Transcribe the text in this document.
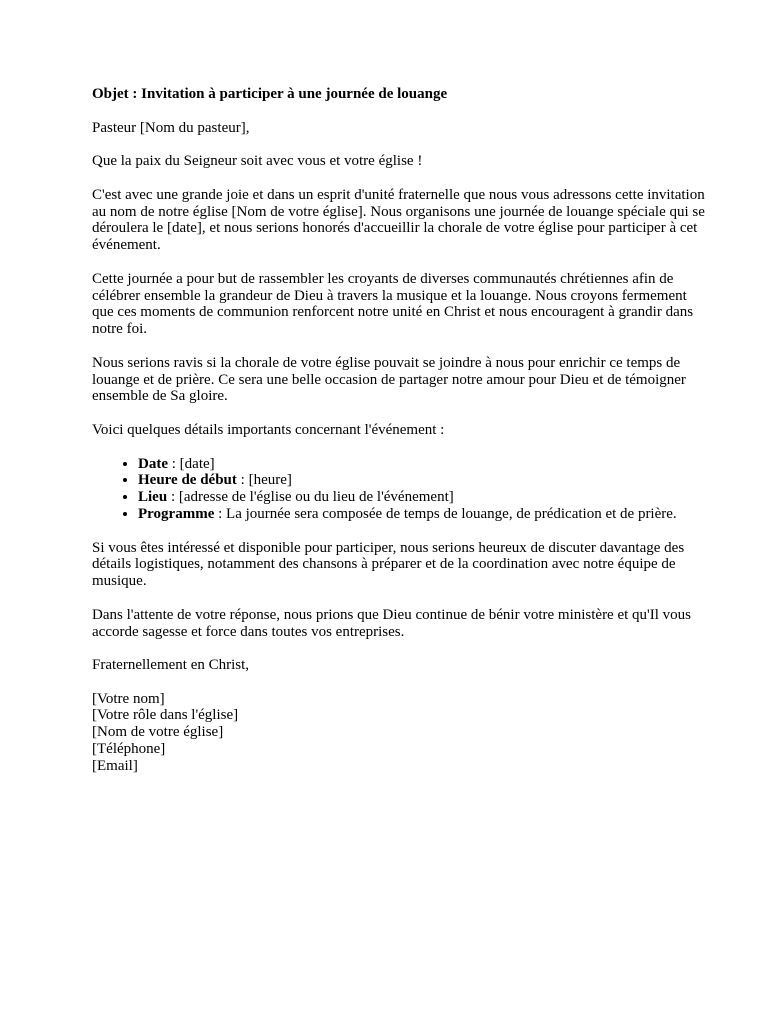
Objet : Invitation à participer à une journée de louange

Pasteur [Nom du pasteur],

Que la paix du Seigneur soit avec vous et votre église !

C'est avec une grande joie et dans un esprit d'unité fraternelle que nous vous adressons cette invitation au nom de notre église [Nom de votre église]. Nous organisons une journée de louange spéciale qui se déroulera le [date], et nous serions honorés d'accueillir la chorale de votre église pour participer à cet événement.

Cette journée a pour but de rassembler les croyants de diverses communautés chrétiennes afin de célébrer ensemble la grandeur de Dieu à travers la musique et la louange. Nous croyons fermement que ces moments de communion renforcent notre unité en Christ et nous encouragent à grandir dans notre foi.

Nous serions ravis si la chorale de votre église pouvait se joindre à nous pour enrichir ce temps de louange et de prière. Ce sera une belle occasion de partager notre amour pour Dieu et de témoigner ensemble de Sa gloire.

Voici quelques détails importants concernant l'événement :

• Date : [date]
• Heure de début : [heure]
• Lieu : [adresse de l'église ou du lieu de l'événement]
• Programme : La journée sera composée de temps de louange, de prédication et de prière.

Si vous êtes intéressé et disponible pour participer, nous serions heureux de discuter davantage des détails logistiques, notamment des chansons à préparer et de la coordination avec notre équipe de musique.

Dans l'attente de votre réponse, nous prions que Dieu continue de bénir votre ministère et qu'Il vous accorde sagesse et force dans toutes vos entreprises.

Fraternellement en Christ,

[Votre nom]
[Votre rôle dans l'église]
[Nom de votre église]
[Téléphone]
[Email]
